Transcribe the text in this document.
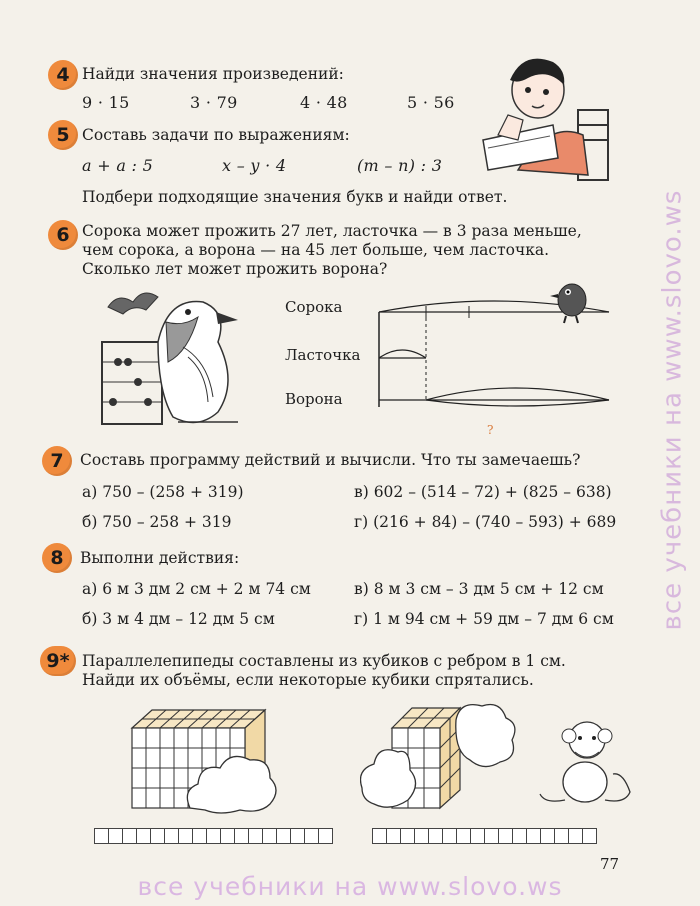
4 Найди значения произведений:
9 · 15	3 · 79	4 · 48	5 · 56
5 Составь задачи по выражениям:
a + a : 5	x – y · 4	(m – n) : 3
Подбери подходящие значения букв и найди ответ.
6 Сорока может прожить 27 лет, ласточка — в 3 раза меньше,
чем сорока, а ворона — на 45 лет больше, чем ласточка.
Сколько лет может прожить ворона?
Сорока
Ласточка
Ворона
?
7	Составь программу действий и вычисли. Что ты замечаешь?
а) 750 – (258 + 319)	в) 602 – (514 – 72) + (825 – 638)
б) 750 – 258 + 319	г) (216 + 84) – (740 – 593) + 689
8	Выполни действия:
а) 6 м 3 дм 2 см + 2 м 74 см	в) 8 м 3 см – 3 дм 5 см + 12 см
б) 3 м 4 дм – 12 дм 5 см	г) 1 м 94 см + 59 дм – 7 дм 6 см
9* Параллелепипеды составлены из кубиков с ребром в 1 см.
Найди их объёмы, если некоторые кубики спрятались.
77
все учебники на www.slovo.ws
все учебники на www.slovo.ws
